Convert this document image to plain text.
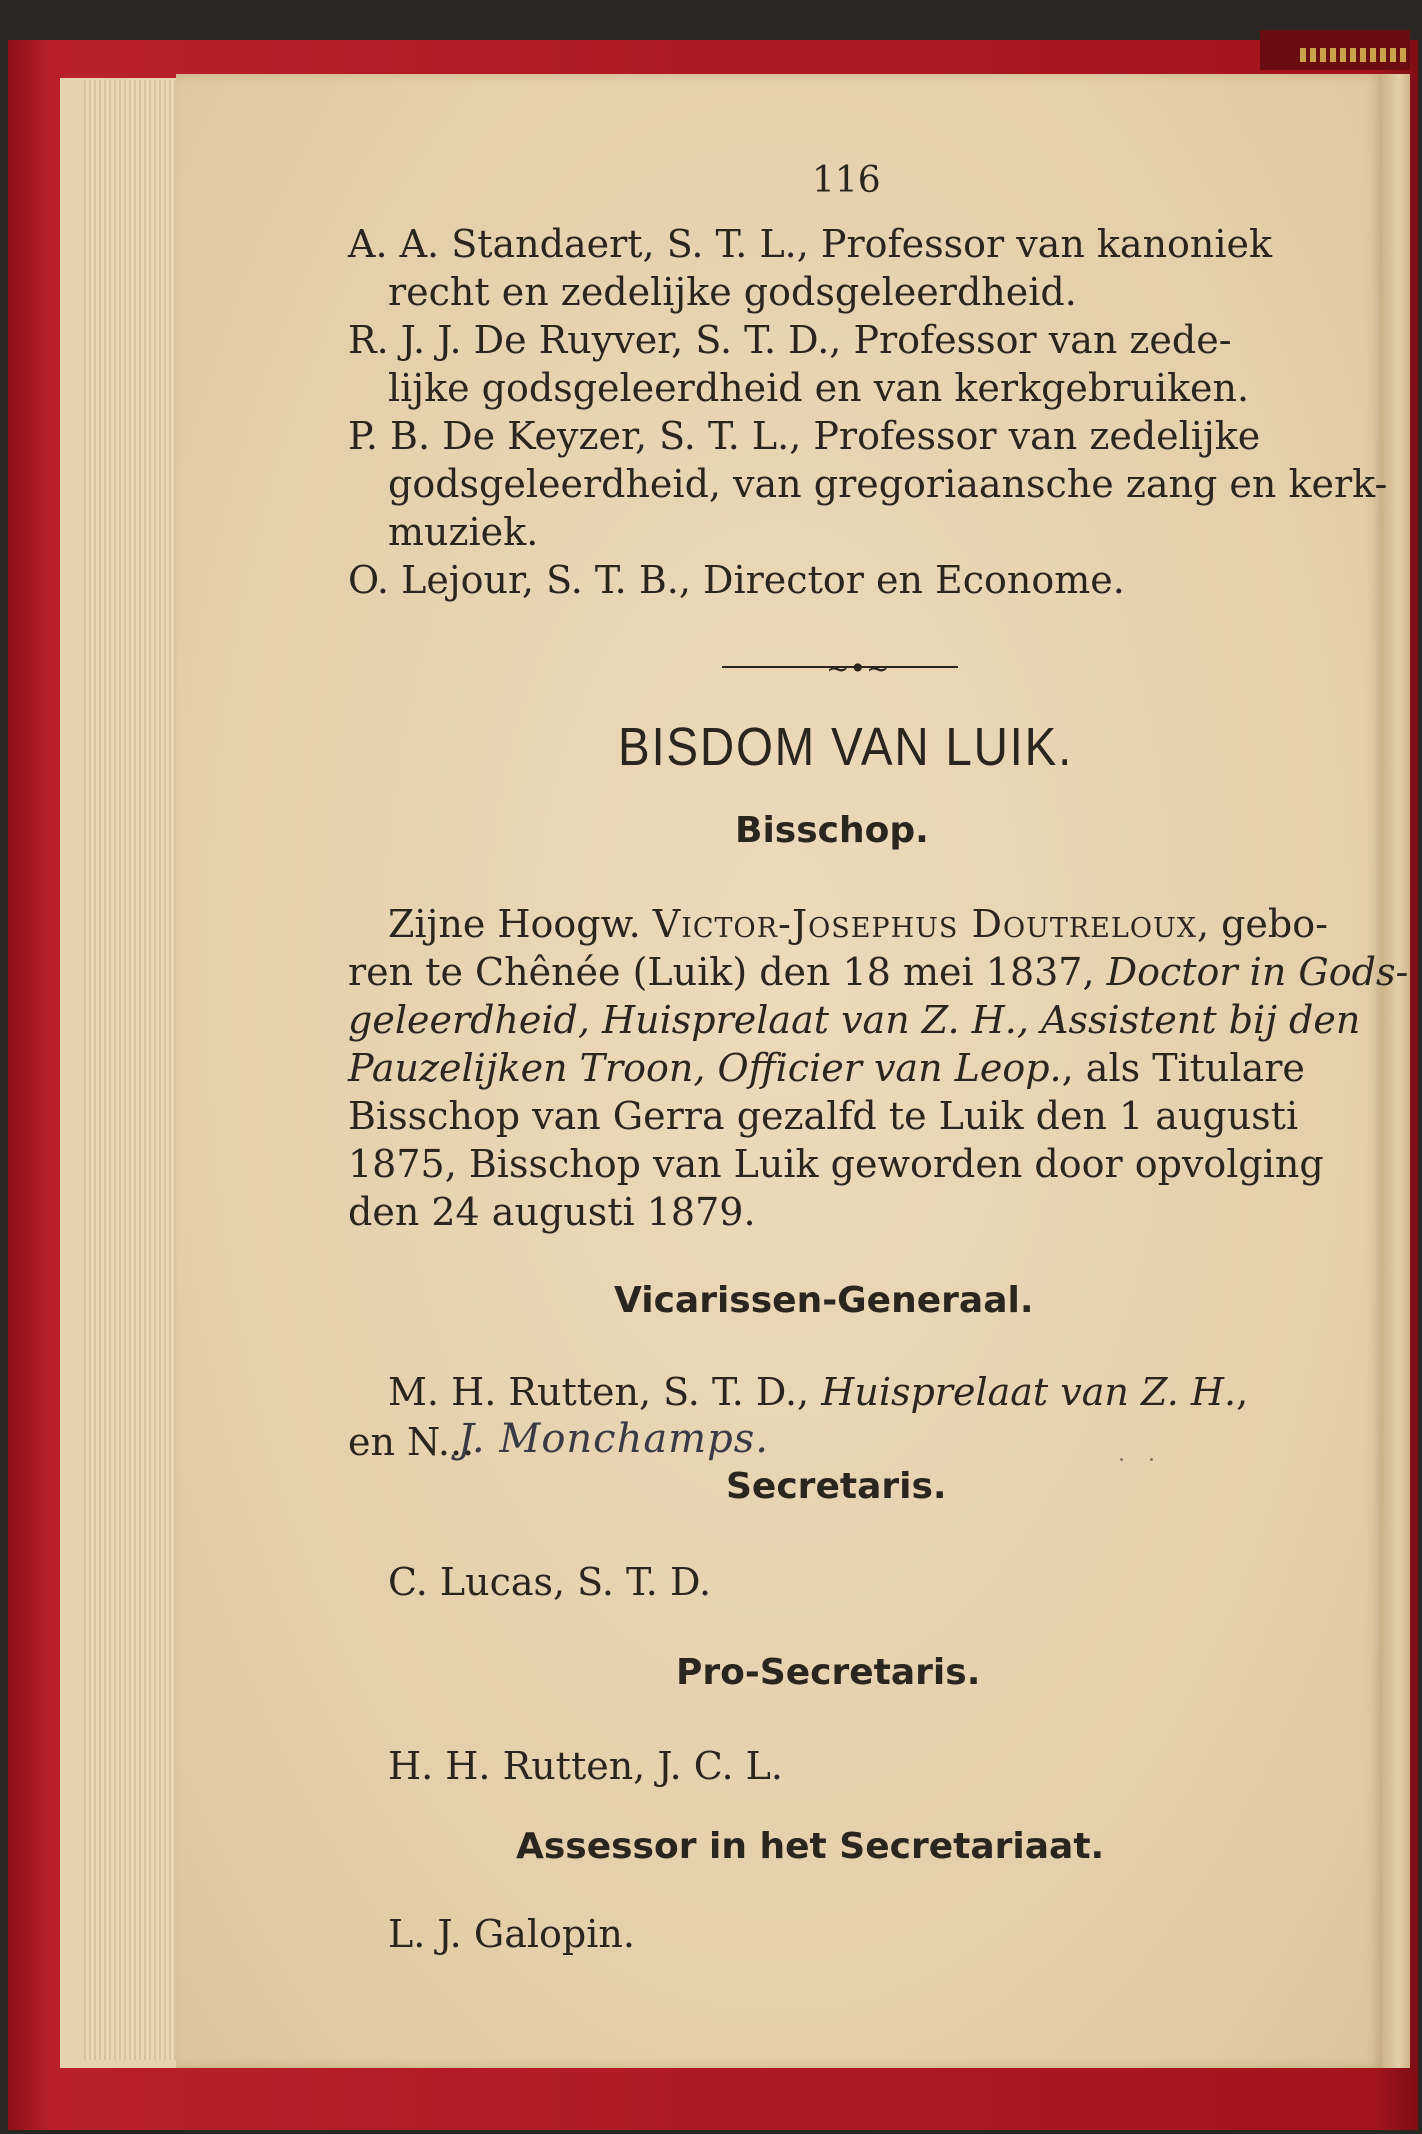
116
A. A. Standaert, S. T. L., Professor van kanoniek
recht en zedelijke godsgeleerdheid.
R. J. J. De Ruyver, S. T. D., Professor van zede-
lijke godsgeleerdheid en van kerkgebruiken.
P. B. De Keyzer, S. T. L., Professor van zedelijke
godsgeleerdheid, van gregoriaansche zang en kerk-
muziek.
O. Lejour, S. T. B., Director en Econome.
~•~
BISDOM VAN LUIK.
Bisschop.
Zijne Hoogw. Victor-Josephus Doutreloux, gebo-
ren te Chênée (Luik) den 18 mei 1837, Doctor in Gods-
geleerdheid, Huisprelaat van Z. H., Assistent bij den
Pauzelijken Troon, Officier van Leop., als Titulare
Bisschop van Gerra gezalfd te Luik den 1 augusti
1875, Bisschop van Luik geworden door opvolging
den 24 augusti 1879.
Vicarissen-Generaal.
M. H. Rutten, S. T. D., Huisprelaat van Z. H.,
en N...
J. Monchamps.
Secretaris.
C. Lucas, S. T. D.
Pro-Secretaris.
H. H. Rutten, J. C. L.
Assessor in het Secretariaat.
L. J. Galopin.
